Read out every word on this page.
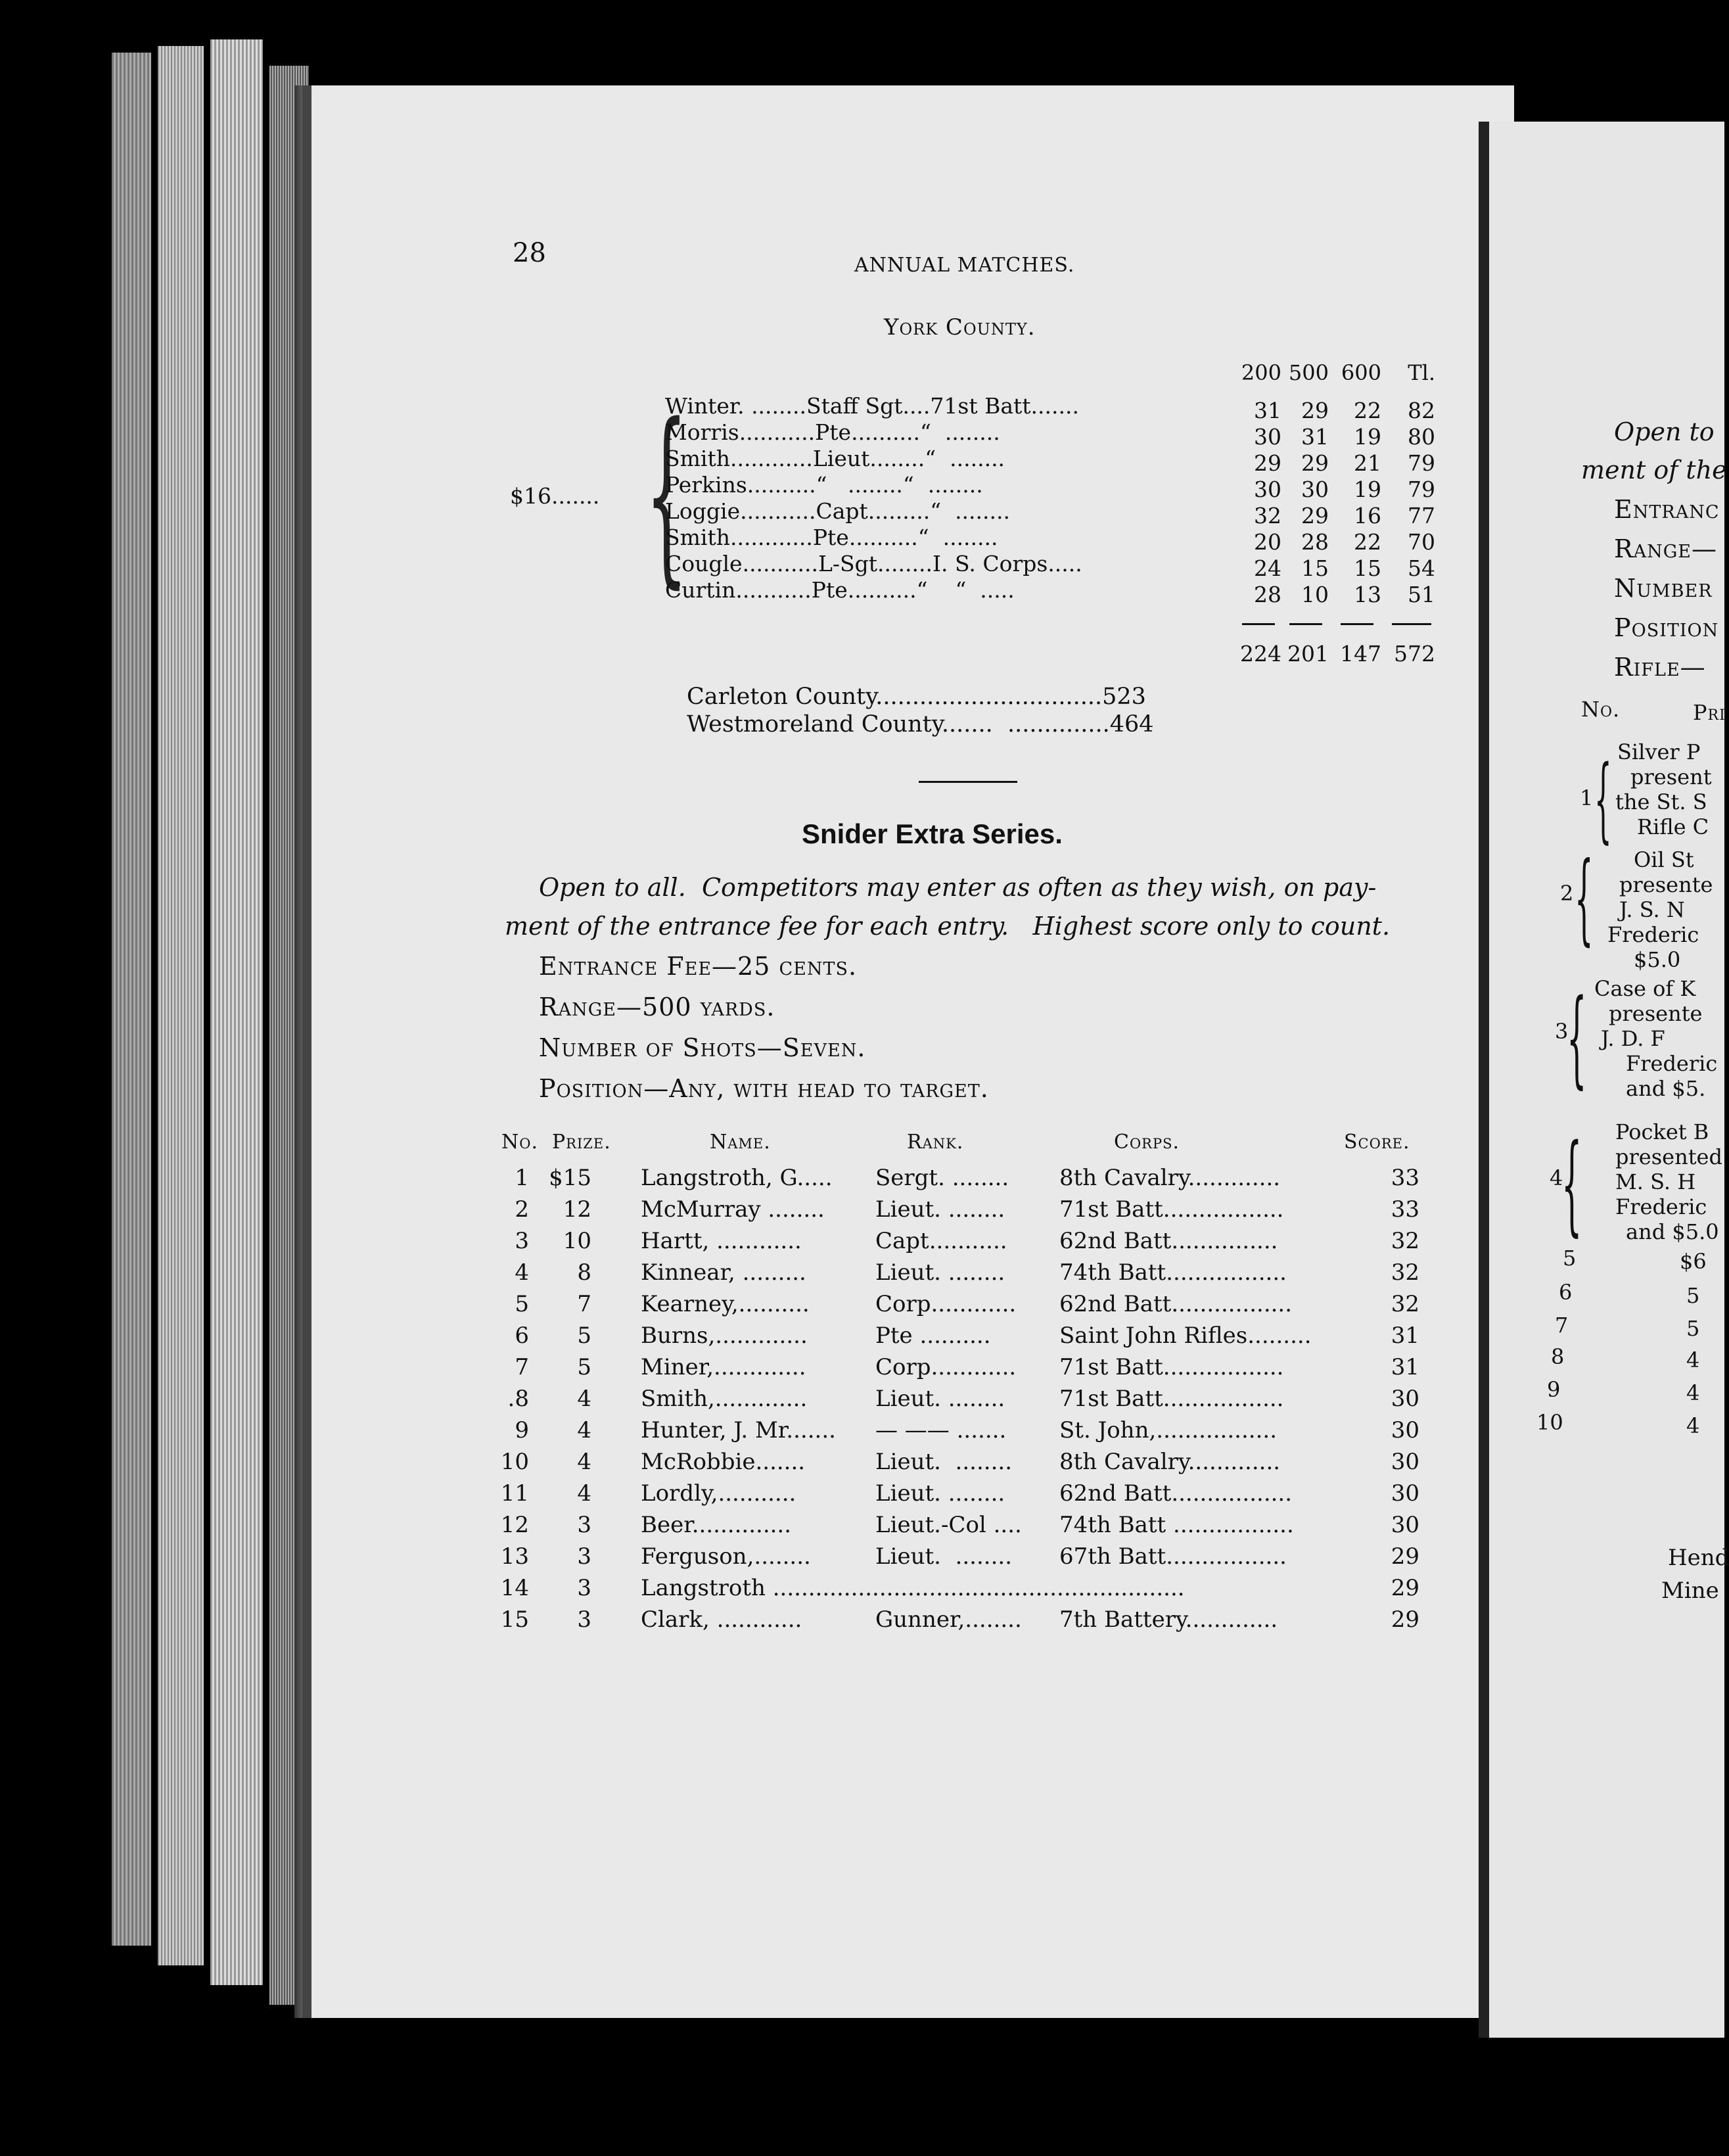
28	ANNUAL MATCHES.
York County.
200 500 600	Tl.
$16....... {
Winter. ........Staff Sgt....71st Batt.......	31 29	22	82
Morris...........Pte..........“  ........	30 31	19	80
Smith............Lieut........“  ........	29 29	21	79
Perkins..........“   ........“  ........	30 30	19	79
Loggie...........Capt.........“  ........	32 29	16	77
Smith............Pte..........“  ........	20 28	22	70
Cougle...........L-Sgt........I. S. Corps.....	24 15	15	54
Curtin...........Pte..........“    “  .....	28 10	13	51
224 201 147 572
Carleton County...............................523
Westmoreland County.......  ..............464
Snider Extra Series.
Open to all.  Competitors may enter as often as they wish, on pay-
ment of the entrance fee for each entry.   Highest score only to count.
Entrance Fee—25 cents.
Range—500 yards.
Number of Shots—Seven.
Position—Any, with head to target.
No. Prize.	Name.	Rank.	Corps.	Score.
1 $15 Langstroth, G.....	Sergt. ........	8th Cavalry.............	33
2	12 McMurray ........	Lieut. ........	71st Batt.................	33
3	10 Hartt, ............	Capt...........	62nd Batt...............	32
4	8 Kinnear, .........	Lieut. ........	74th Batt.................	32
5	7 Kearney,..........	Corp............	62nd Batt.................	32
6	5 Burns,.............	Pte ..........	Saint John Rifles.........	31
7	5 Miner,.............	Corp............	71st Batt.................	31
.8	4 Smith,.............	Lieut. ........	71st Batt.................	30
9	4 Hunter, J. Mr.......	— —— .......	St. John,.................	30
10	4 McRobbie.......	Lieut.  ........	8th Cavalry.............	30
11	4 Lordly,...........	Lieut. ........	62nd Batt.................	30
12	3 Beer..............	Lieut.-Col ....	74th Batt .................	30
13	3 Ferguson,........	Lieut.  ........	67th Batt.................	29
14	3 Langstroth ..........................................................	29
15	3 Clark, ............	Gunner,........	7th Battery.............	29
Open to
ment of the
Entranc
Range—
Number
Position
Rifle—
No.	Pri
1 { Silver P
present
the St. S
Rifle C
2 { Oil St
presente
J. S. N
Frederic
$5.0
3
{ Case of K
presente
J. D. F
Frederic
and $5.
4
{ Pocket B
presented
M. S. H
Frederic
and $5.0
5	$6
6	5
7	5
8	4
9	4
10	4
Hend
Mine
